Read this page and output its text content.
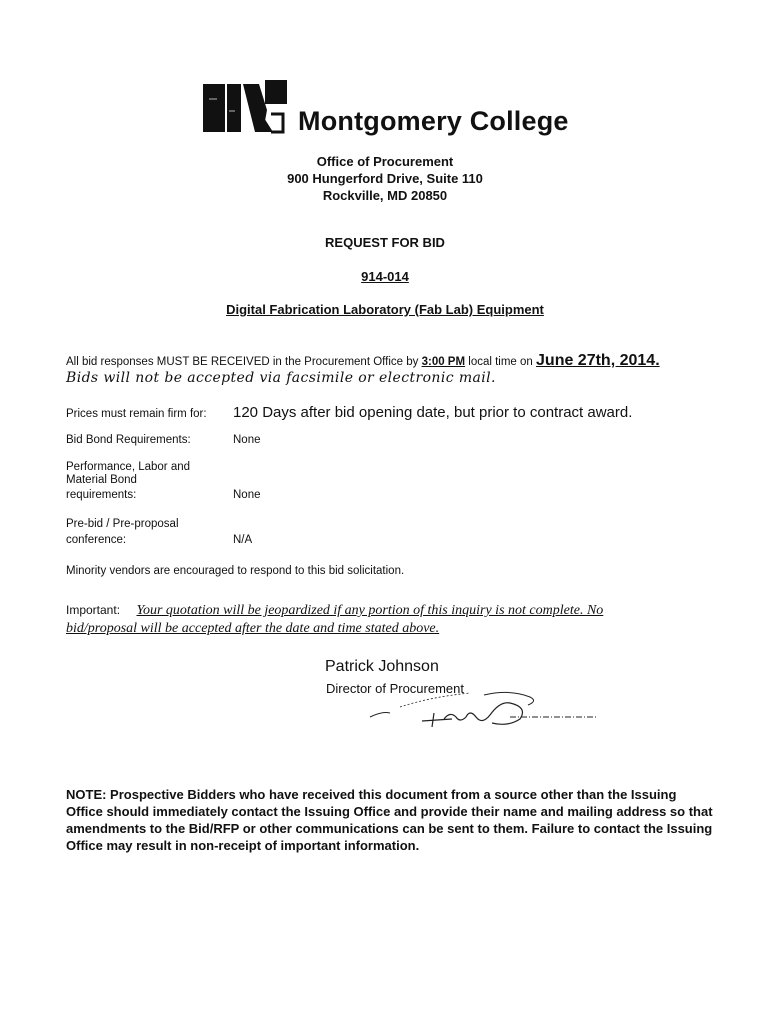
Montgomery College
Office of Procurement
900 Hungerford Drive, Suite 110
Rockville, MD 20850
REQUEST FOR BID
914-014
Digital Fabrication Laboratory (Fab Lab) Equipment
All bid responses MUST BE RECEIVED in the Procurement Office by 3:00 PM local time on June 27th, 2014.
Bids will not be accepted via facsimile or electronic mail.
Prices must remain firm for: 120 Days after bid opening date, but prior to contract award.
Bid Bond Requirements:	None
Performance, Labor and
Material Bond
requirements:	None
Pre-bid / Pre-proposal
conference:	N/A
Minority vendors are encouraged to respond to this bid solicitation.
Important: Your quotation will be jeopardized if any portion of this inquiry is not complete. No
bid/proposal will be accepted after the date and time stated above.
Patrick Johnson
Director of Procurement
NOTE: Prospective Bidders who have received this document from a source other than the Issuing Office should immediately contact the Issuing Office and provide their name and mailing address so that amendments to the Bid/RFP or other communications can be sent to them. Failure to contact the Issuing Office may result in non-receipt of important information.
